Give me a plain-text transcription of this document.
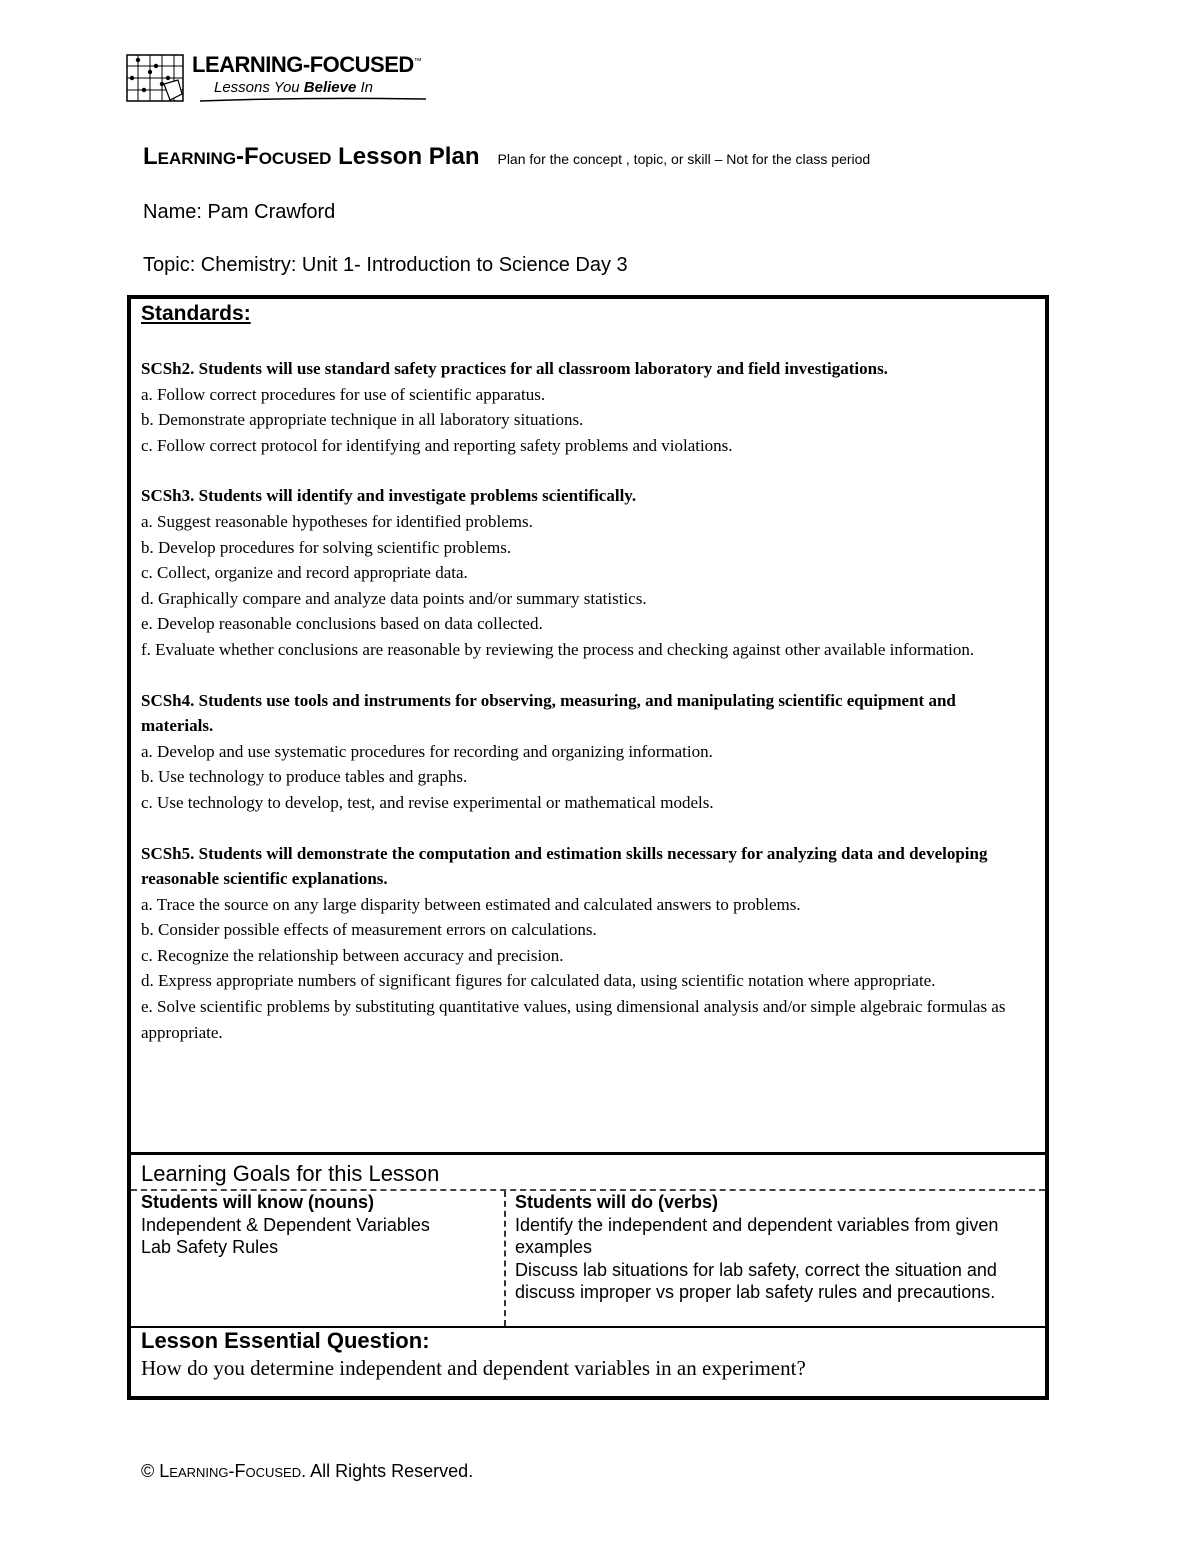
LEARNING-FOCUSED™
Lessons You Believe In
Learning-Focused Lesson Plan Plan for the concept , topic, or skill – Not for the class period
Name: Pam Crawford
Topic: Chemistry: Unit 1- Introduction to Science Day 3
Standards:
SCSh2. Students will use standard safety practices for all classroom laboratory and field investigations.
a. Follow correct procedures for use of scientific apparatus.
b. Demonstrate appropriate technique in all laboratory situations.
c. Follow correct protocol for identifying and reporting safety problems and violations.
SCSh3. Students will identify and investigate problems scientifically.
a. Suggest reasonable hypotheses for identified problems.
b. Develop procedures for solving scientific problems.
c. Collect, organize and record appropriate data.
d. Graphically compare and analyze data points and/or summary statistics.
e. Develop reasonable conclusions based on data collected.
f. Evaluate whether conclusions are reasonable by reviewing the process and checking against other available information.
SCSh4. Students use tools and instruments for observing, measuring, and manipulating scientific equipment and materials.
a. Develop and use systematic procedures for recording and organizing information.
b. Use technology to produce tables and graphs.
c. Use technology to develop, test, and revise experimental or mathematical models.
SCSh5. Students will demonstrate the computation and estimation skills necessary for analyzing data and developing reasonable scientific explanations.
a. Trace the source on any large disparity between estimated and calculated answers to problems.
b. Consider possible effects of measurement errors on calculations.
c. Recognize the relationship between accuracy and precision.
d. Express appropriate numbers of significant figures for calculated data, using scientific notation where appropriate.
e. Solve scientific problems by substituting quantitative values, using dimensional analysis and/or simple algebraic formulas as appropriate.
Learning Goals for this Lesson
Students will know (nouns)
Independent & Dependent Variables
Lab Safety Rules
Students will do (verbs)
Identify the independent and dependent variables from given examples
Discuss lab situations for lab safety, correct the situation and discuss improper vs proper lab safety rules and precautions.
Lesson Essential Question:
How do you determine independent and dependent variables in an experiment?
© Learning-Focused. All Rights Reserved.
